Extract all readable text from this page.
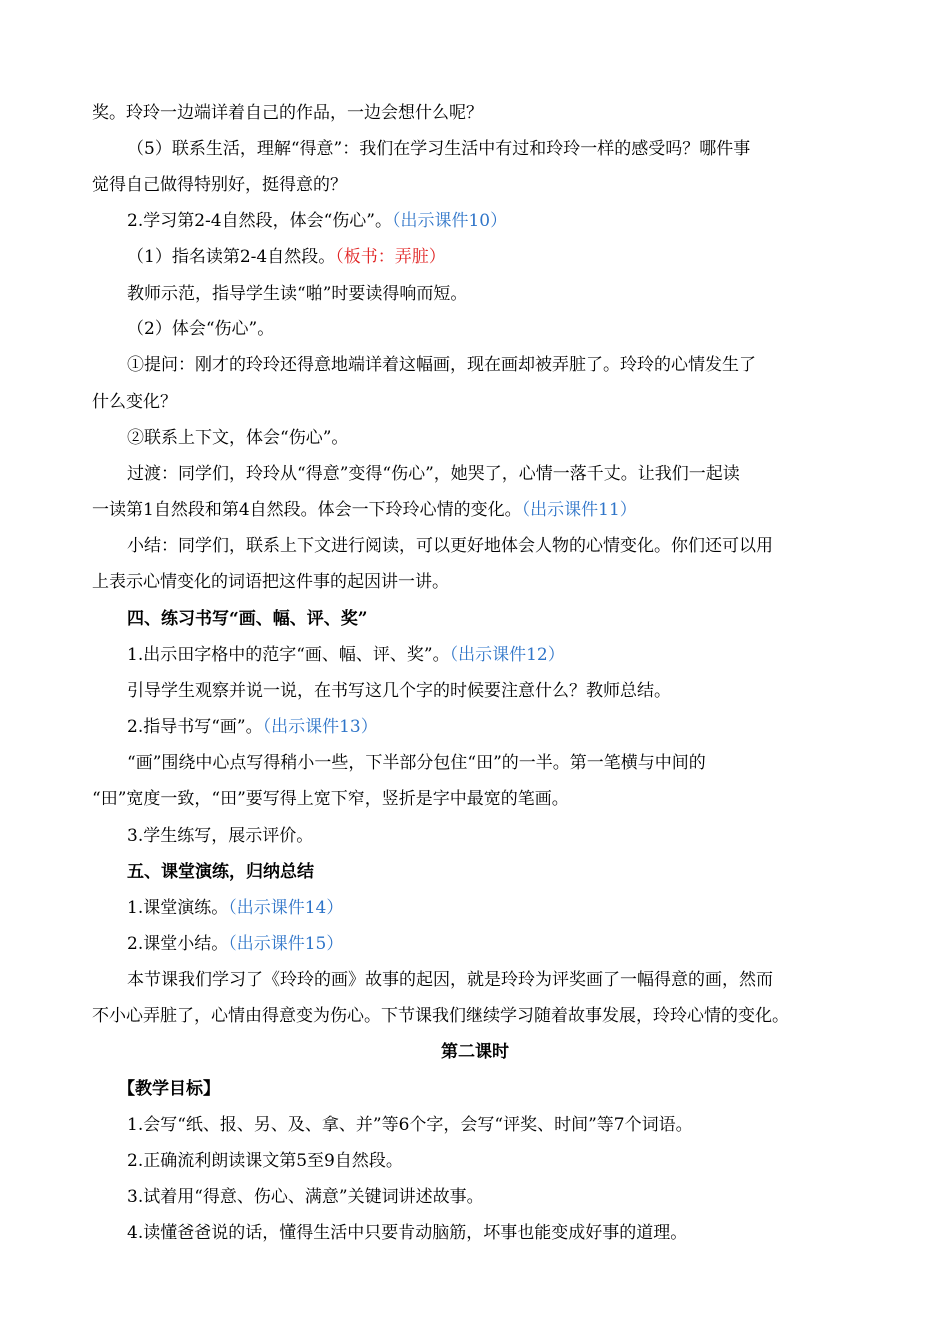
奖。玲玲一边端详着自己的作品，一边会想什么呢？
（5）联系生活，理解“得意”：我们在学习生活中有过和玲玲一样的感受吗？哪件事
觉得自己做得特别好，挺得意的？
2.学习第2-4自然段，体会“伤心”。（出示课件10）
（1）指名读第2-4自然段。（板书：弄脏）
教师示范，指导学生读“啪”时要读得响而短。
（2）体会“伤心”。
①提问：刚才的玲玲还得意地端详着这幅画，现在画却被弄脏了。玲玲的心情发生了
什么变化？
②联系上下文，体会“伤心”。
过渡：同学们，玲玲从“得意”变得“伤心”，她哭了，心情一落千丈。让我们一起读
一读第1自然段和第4自然段。体会一下玲玲心情的变化。（出示课件11）
小结：同学们，联系上下文进行阅读，可以更好地体会人物的心情变化。你们还可以用
上表示心情变化的词语把这件事的起因讲一讲。
四、练习书写“画、幅、评、奖”
1.出示田字格中的范字“画、幅、评、奖”。（出示课件12）
引导学生观察并说一说，在书写这几个字的时候要注意什么？教师总结。
2.指导书写“画”。（出示课件13）
“画”围绕中心点写得稍小一些，下半部分包住“田”的一半。第一笔横与中间的
“田”宽度一致，“田”要写得上宽下窄，竖折是字中最宽的笔画。
3.学生练写，展示评价。
五、课堂演练，归纳总结
1.课堂演练。（出示课件14）
2.课堂小结。（出示课件15）
本节课我们学习了《玲玲的画》故事的起因，就是玲玲为评奖画了一幅得意的画，然而
不小心弄脏了，心情由得意变为伤心。下节课我们继续学习随着故事发展，玲玲心情的变化。
第二课时
【教学目标】
1.会写“纸、报、另、及、拿、并”等6个字，会写“评奖、时间”等7个词语。
2.正确流利朗读课文第5至9自然段。
3.试着用“得意、伤心、满意”关键词讲述故事。
4.读懂爸爸说的话，懂得生活中只要肯动脑筋，坏事也能变成好事的道理。
